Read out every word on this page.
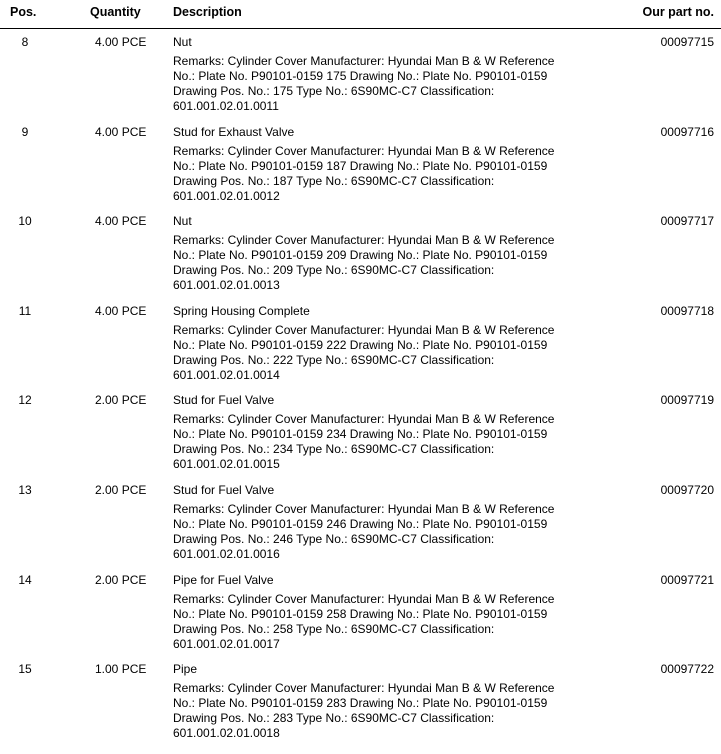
Pos.	Quantity	Description	Our part no.
8	4.00 PCE Nut	00097715
Remarks: Cylinder Cover Manufacturer: Hyundai Man B & W Reference No.: Plate No. P90101-0159 175 Drawing No.: Plate No. P90101-0159 Drawing Pos. No.: 175 Type No.: 6S90MC-C7 Classification: 601.001.02.01.0011
9	4.00 PCE Stud for Exhaust Valve	00097716
Remarks: Cylinder Cover Manufacturer: Hyundai Man B & W Reference No.: Plate No. P90101-0159 187 Drawing No.: Plate No. P90101-0159 Drawing Pos. No.: 187 Type No.: 6S90MC-C7 Classification: 601.001.02.01.0012
10	4.00 PCE Nut	00097717
Remarks: Cylinder Cover Manufacturer: Hyundai Man B & W Reference No.: Plate No. P90101-0159 209 Drawing No.: Plate No. P90101-0159 Drawing Pos. No.: 209 Type No.: 6S90MC-C7 Classification: 601.001.02.01.0013
11	4.00 PCE Spring Housing Complete	00097718
Remarks: Cylinder Cover Manufacturer: Hyundai Man B & W Reference No.: Plate No. P90101-0159 222 Drawing No.: Plate No. P90101-0159 Drawing Pos. No.: 222 Type No.: 6S90MC-C7 Classification: 601.001.02.01.0014
12	2.00 PCE Stud for Fuel Valve	00097719
Remarks: Cylinder Cover Manufacturer: Hyundai Man B & W Reference No.: Plate No. P90101-0159 234 Drawing No.: Plate No. P90101-0159 Drawing Pos. No.: 234 Type No.: 6S90MC-C7 Classification: 601.001.02.01.0015
13	2.00 PCE Stud for Fuel Valve	00097720
Remarks: Cylinder Cover Manufacturer: Hyundai Man B & W Reference No.: Plate No. P90101-0159 246 Drawing No.: Plate No. P90101-0159 Drawing Pos. No.: 246 Type No.: 6S90MC-C7 Classification: 601.001.02.01.0016
14	2.00 PCE Pipe for Fuel Valve	00097721
Remarks: Cylinder Cover Manufacturer: Hyundai Man B & W Reference No.: Plate No. P90101-0159 258 Drawing No.: Plate No. P90101-0159 Drawing Pos. No.: 258 Type No.: 6S90MC-C7 Classification: 601.001.02.01.0017
15	1.00 PCE Pipe	00097722
Remarks: Cylinder Cover Manufacturer: Hyundai Man B & W Reference No.: Plate No. P90101-0159 283 Drawing No.: Plate No. P90101-0159 Drawing Pos. No.: 283 Type No.: 6S90MC-C7 Classification: 601.001.02.01.0018
